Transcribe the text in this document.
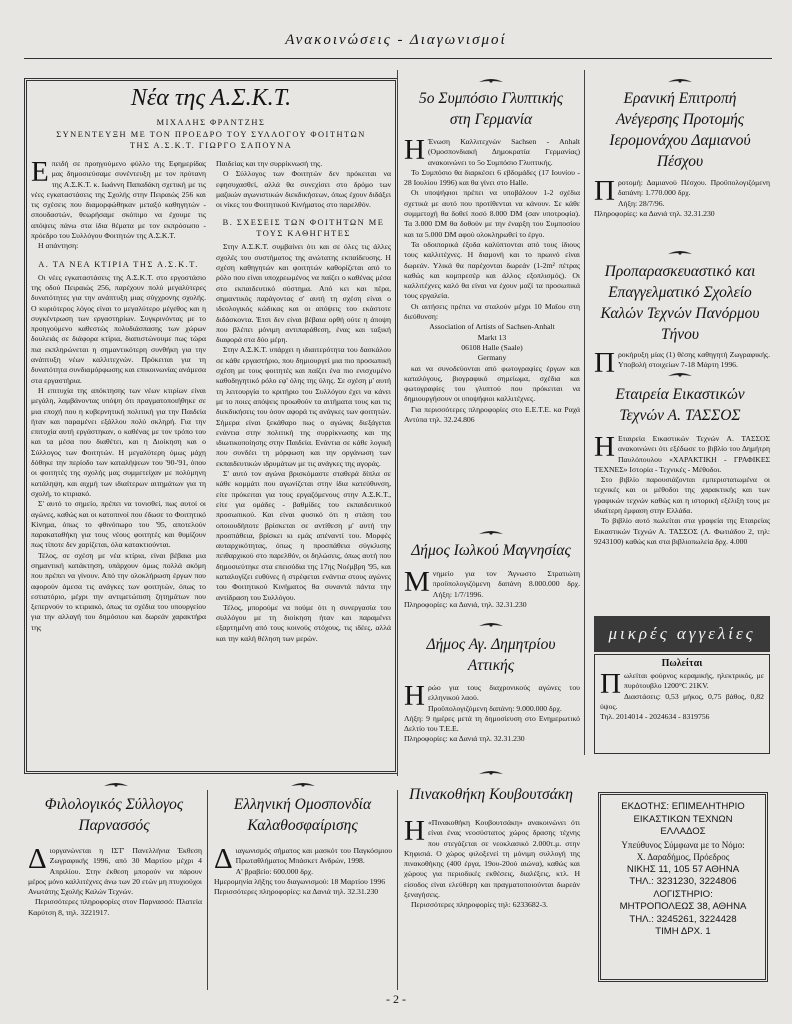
Ανακοινώσεις - Διαγωνισμοί
Νέα της Α.Σ.Κ.Τ.
ΜΙΧΑΛΗΣ ΦΡΑΝΤΖΗΣ
ΣΥΝΕΝΤΕΥΞΗ ΜΕ ΤΟΝ ΠΡΟΕΔΡΟ ΤΟΥ ΣΥΛΛΟΓΟΥ ΦΟΙΤΗΤΩΝ ΤΗΣ Α.Σ.Κ.Τ. ΓΙΩΡΓΟ ΣΑΠΟΥΝΑ
Ε πειδή σε προηγούμενο φύλλο της Εφημερίδας μας δημοσιεύσαμε συνέντευξη με τον πρύτανη της Α.Σ.Κ.Τ. κ. Ιωάννη Παπαδάκη σχετική με τις νέες εγκαταστάσεις της Σχολής στην Πειραιώς 256 και τις σχέσεις που διαμορφώθηκαν μεταξύ καθηγητών - σπουδαστών, θεωρήσαμε σκόπιμο να έχουμε τις απόψεις πάνω στα ίδια θέματα με τον εκπρόσωπο - πρόεδρο του Συλλόγου Φοιτητών της Α.Σ.Κ.Τ.

Η απάντηση:

Α. ΤΑ ΝΕΑ ΚΤΙΡΙΑ ΤΗΣ Α.Σ.Κ.Τ.

Οι νέες εγκαταστάσεις της Α.Σ.Κ.Τ. στο εργοστάσιο της οδού Πειραιώς 256, παρέχουν πολύ μεγαλύτερες δυνατότητες για την ανάπτυξη μιας σύγχρονης σχολής. Ο κυριότερος λόγος είναι το μεγαλύτερο μέγεθος και η συγκέντρωση των εργαστηρίων. Συγκρινόντας με το προηγούμενο καθεστώς πολυδιάσπασης των χώρων δουλειάς σε διάφορα κτίρια, διαπιστώνουμε πως τώρα πια εκπληρώνεται η σημαντικότερη συνθήκη για την ανάπτυξη νέων καλλιτεχνών. Πρόκειται για τη δυνατότητα συνδιαμόρφωσης και επικοινωνίας ανάμεσα στα εργαστήρια.

Η επιτυχία της απόκτησης των νέων κτιρίων είναι μεγάλη, λαμβάνοντας υπόψη ότι πραγματοποιήθηκε σε μια εποχή που η κυβερνητική πολιτική για την Παιδεία ήταν και παραμένει εξάλλου πολύ σκληρή. Για την επιτυχία αυτή εργάστηκαν, ο καθένας με τον τρόπο του και τα μέσα που διαθέτει, και η Διοίκηση και ο Σύλλογος των Φοιτητών. Η μεγαλύτερη όμως μάχη δόθηκε την περίοδο των καταλήψεων του '90-'91, όπου οι φοιτητές της σχολής μας συμμετείχαν με πολύμηνη κατάληψη, και αιχμή των ιδιαίτερων αιτημάτων για τη σχολή, το κτιριακό.

Σ' αυτό το σημείο, πρέπει να τονισθεί, πως αυτοί οι αγώνες, καθώς και οι κατοπινοί που έδωσε το Φοιτητικό Κίνημα, όπως το φθινόπωρο του '95, αποτελούν παρακαταθήκη για τους νέους φοιτητές και θυμίζουν πως τίποτε δεν χαρίζεται, όλα κατακτιούνται.

Τέλος, σε σχέση με νέα κτίρια, είναι βέβαια μια σημαντική κατάκτηση, υπάρχουν όμως πολλά ακόμη που πρέπει να γίνουν. Από την ολοκλήρωση έργων που αφορούν άμεσα τις ανάγκες των φοιτητών, όπως το εστιατόριο, μέχρι την αντιμετώπιση ζητημάτων που ξεπερνούν το κτιριακό, όπως τα σχέδια του υπουργείου για την αλλαγή του δημόσιου και δωρεάν χαρακτήρα της

Παιδείας και την συρρίκνωσή της.

Ο Σύλλογος των Φοιτητών δεν πρόκειται να εφησυχασθεί, αλλά θα συνεχίσει στο δρόμο των μαζικών αγωνιστικών διεκδικήσεων, όπως έχουν διδάξει οι νίκες του Φοιτητικού Κινήματος στο παρελθόν.

Β. ΣΧΕΣΕΙΣ ΤΩΝ ΦΟΙΤΗΤΩΝ ΜΕ ΤΟΥΣ ΚΑΘΗΓΗΤΕΣ

Στην Α.Σ.Κ.Τ. συμβαίνει ότι και σε όλες τις άλλες σχολές του συστήματος της ανώτατης εκπαίδευσης. Η σχέση καθηγητών και φοιτητών καθορίζεται από το ρόλο που είναι υποχρεωμένος να παίζει ο καθένας μέσα στο εκπαιδευτικό σύστημα. Από κει και πέρα, σημαντικός παράγοντας σ' αυτή τη σχέση είναι ο ιδεολογικός κώδικας και οι απόψεις του εκάστοτε διδάσκοντα. Έτσι δεν είναι βέβαια ορθή ούτε η άποψη που βλέπει μόνιμη αντιπαράθεση, ένας και ταξική διαφορά στα δύο μέρη.

Στην Α.Σ.Κ.Τ. υπάρχει η ιδιαιτερότητα του δασκάλου σε κάθε εργαστήριο, που δημιουργεί μια πιο προσωπική σχέση με τους φοιτητές και παίζει ένα πιο ενισχυμένο καθοδηγητικό ρόλο εφ' όλης της ύλης. Σε σχέση μ' αυτή τη λειτουργία το κριτήριο του Συλλόγου έχει να κάνει με το ποιες απόψεις προωθούν τα αιτήματα τους και τις διεκδικήσεις του όσον αφορά τις ανάγκες των φοιτητών. Σήμερα είναι ξεκάθαρο πως ο αγώνας διεξάγεται ενάντια στην πολιτική της συρρίκνωσης και της ιδιωτικοποίησης στην Παιδεία. Ενάντια σε κάθε λογική που συνδέει τη μόρφωση και την οργάνωση των εκπαιδευτικών ιδρυμάτων με τις ανάγκες της αγοράς.

Σ' αυτό τον αγώνα βρισκόμαστε σταθερά δίπλα σε κάθε κομμάτι που αγωνίζεται στην ίδια κατεύθυνση, είτε πρόκειται για τους εργαζόμενους στην Α.Σ.Κ.Τ., είτε για ομάδες - βαθμίδες του εκπαιδευτικού προσωπικού. Και είναι φυσικό ότι η στάση του οποιουδήποτε βρίσκεται σε αντίθεση μ' αυτή την προσπάθεια, βρίσκει κι εμάς απέναντί του. Μορφές αυταρχικότητας, όπως η προσπάθεια σύγκλισης πειθαρχικού στο παρελθόν, οι δηλώσεις, όπως αυτή που δημοσιεύτηκε στα επεισόδια της 17ης Νοέμβρη '95, και καταλογίζει ευθύνες ή στρέφεται ενάντια στους αγώνες του Φοιτητικού Κινήματος θα συναντά πάντα την αντίδραση του Συλλόγου.

Τέλος, μπορούμε να πούμε ότι η συνεργασία του συλλόγου με τη διοίκηση ήταν και παραμένει εξαρτημένη από τους κοινούς στόχους, τις ιδέες, αλλά και την καλή θέληση των μερών.

5ο Συμπόσιο Γλυπτικής
στη Γερμανία
Η Ένωση Καλλιτεχνών Sachsen - Anhalt (Ομοσπονδιακή Δημοκρατία Γερμανίας) ανακοινώνει το 5ο Συμπόσιο Γλυπτικής.

Το Συμπόσιο θα διαρκέσει 6 εβδομάδες (17 Ιουνίου - 28 Ιουλίου 1996) και θα γίνει στο Halle.

Οι υποψήφιοι πρέπει να υποβάλουν 1-2 σχέδια σχετικά με αυτό που προτίθενται να κάνουν. Σε κάθε συμμετοχή θα δοθεί ποσό 8.000 DM (σαν υποτροφία). Τα 3.000 DM θα δοθούν με την έναρξη του Συμποσίου και τα 5.000 DM αφού ολοκληρωθεί το έργο.

Τα οδοιπορικά έξοδα καλύπτονται από τους ίδιους τους καλλιτέχνες. Η διαμονή και το πρωινό είναι δωρεάν. Υλικά θα παρέχονται δωρεάν (1-2m² πέτρας καθώς και κομπρεσέρ και άλλος εξοπλισμός). Οι καλλιτέχνες καλό θα είναι να έχουν μαζί τα προσωπικά τους εργαλεία.

Οι αιτήσεις πρέπει να σταλούν μέχρι 10 Μαΐου στη διεύθυνση:

Association of Artists of Sachsen-Anhalt
Markt 13
06108 Halle (Saale)
Germany

και να συνοδεύονται από φωτογραφίες έργων και καταλόγους, βιογραφικό σημείωμα, σχέδια και φωτογραφίες του γλυπτού που πρόκειται να δημιουργήσουν οι υποψήφιοι καλλιτέχνες.

Για περισσότερες πληροφορίες στο Ε.Ε.Τ.Ε. κα Ραχά Αντύπα τηλ. 32.24.806

Δήμος Ιωλκού Μαγνησίας
Μ νημείο για τον Άγνωστο Στρατιώτη προϋπολογιζόμενη δαπάνη 8.000.000 δρχ. Λήξη: 1/7/1996.

Πληροφορίες: κα Δανιά, τηλ. 32.31.230

Δήμος Αγ. Δημητρίου
Αττικής
Η ρώο για τους διαχρονικούς αγώνες του ελληνικού λαού.

Προϋπολογιζόμενη δαπάνη: 9.000.000 δρχ.

Λήξη: 9 ημέρες μετά τη δημοσίευση στο Ενημερωτικό Δελτίο του Τ.Ε.Ε.

Πληροφορίες: κα Δανιά τηλ. 32.31.230

Πινακοθήκη Κουβουτσάκη
Η «Πινακοθήκη Κουβουτσάκη» ανακοινώνει ότι είναι ένας νεοσύστατος χώρος δρασης τέχνης που στεγάζεται σε νεοκλασικό 2.000τ.μ. στην Κηφισιά. Ο χώρος φιλοξενεί τη μόνιμη συλλογή της πινακοθήκης (400 έργα, 19ου-20ού αιώνα), καθώς και χώρους για περιοδικές εκθέσεις, διαλέξεις, κτλ. Η είσοδος είναι ελεύθερη και πραγματοποιούνται δωρεάν ξεναγήσεις.

Περισσότερες πληροφορίες τηλ: 6233682-3.

Ερανική Επιτροπή
Ανέγερσης Προτομής
Ιερομονάχου Δαμιανού
Πέσχου
Π ροτομή: Δαμιανού Πέσχου. Προϋπολογιζόμενη δαπάνη: 1.770.000 δρχ.

Λήξη: 28/7/96.

Πληροφορίες: κα Δανιά τηλ. 32.31.230

Προπαρασκευαστικό και
Επαγγελματικό Σχολείο
Καλών Τεχνών Πανόρμου
Τήνου
Π ροκήρυξη μίας (1) θέσης καθηγητή Ζωγραφικής. Υποβολή στοιχείων 7-18 Μάρτη 1996.

Εταιρεία Εικαστικών
Τεχνών Α. ΤΑΣΣΟΣ
Η Εταιρεία Εικαστικών Τεχνών Α. ΤΑΣΣΟΣ ανακοινώνει ότι εξέδωσε το βιβλίο του Δημήτρη Παυλόπουλου «ΧΑΡΑΚΤΙΚΗ - ΓΡΑΦΙΚΕΣ ΤΕΧΝΕΣ» Ιστορία - Τεχνικές - Μέθοδοι.

Στο βιβλίο παρουσιάζονται εμπεριστατωμένα οι τεχνικές και οι μέθοδοι της χαρακτικής και των γραφικών τεχνών καθώς και η ιστορική εξέλιξη τους με ιδιαίτερη έμφαση στην Ελλάδα.

Το βιβλίο αυτό πωλείται στα γραφεία της Εταιρείας Εικαστικών Τεχνών Α. ΤΑΣΣΟΣ (Λ. Φωτιάδου 2, τηλ: 9243100) καθώς και στα βιβλιοπωλεία δρχ. 4.000

μικρές αγγελίες
Πωλείται
Π ωλείται φούρνος κεραμικής, ηλεκτρικός, με πυρότουβλο 1200°C 21KV.

Διαστάσεις: 0,53 μήκος, 0,75 βάθος, 0,82 ύψος.

Τηλ. 2014014 - 2024634 - 8319756

ΕΚΔΟΤΗΣ: ΕΠΙΜΕΛΗΤΗΡΙΟ
ΕΙΚΑΣΤΙΚΩΝ ΤΕΧΝΩΝ
ΕΛΛΑΔΟΣ
Υπεύθυνος Σύμφωνα με το Νόμο:
Χ. Δαραδήμος, Πρόεδρος
ΝΙΚΗΣ 11, 105 57 ΑΘΗΝΑ
ΤΗΛ.: 3231230, 3224806
ΛΟΓΙΣΤΗΡΙΟ:
ΜΗΤΡΟΠΟΛΕΩΣ 38, ΑΘΗΝΑ
ΤΗΛ.: 3245261, 3224428
ΤΙΜΗ ΔΡΧ. 1
Φιλολογικός Σύλλογος
Παρνασσός
Δ ιοργανώνεται η ΙΣΤ' Πανελλήνια Έκθεση Ζωγραφικής 1996, από 30 Μαρτίου μέχρι 4 Απριλίου. Στην έκθεση μπορούν να πάρουν μέρος μόνο καλλιτέχνες άνω των 20 ετών μη πτυχιούχοι Ανωτάτης Σχολής Καλών Τεχνών.

Περισσότερες πληροφορίες στον Παρνασσό: Πλατεία Καρύτση 8, τηλ. 3221917.

Ελληνική Ομοσπονδία
Καλαθοσφαίρισης
Δ ιαγωνισμός σήματος και μασκότ του Παγκόσμιου Πρωταθλήματος Μπάσκετ Ανδρών, 1998.

Α' βραβείο: 600.000 δρχ.

Ημερομηνία λήξης του διαγωνισμού: 18 Μαρτίου 1996

Περισσότερες πληροφορίες: κα Δανιά τηλ. 32.31.230

- 2 -
